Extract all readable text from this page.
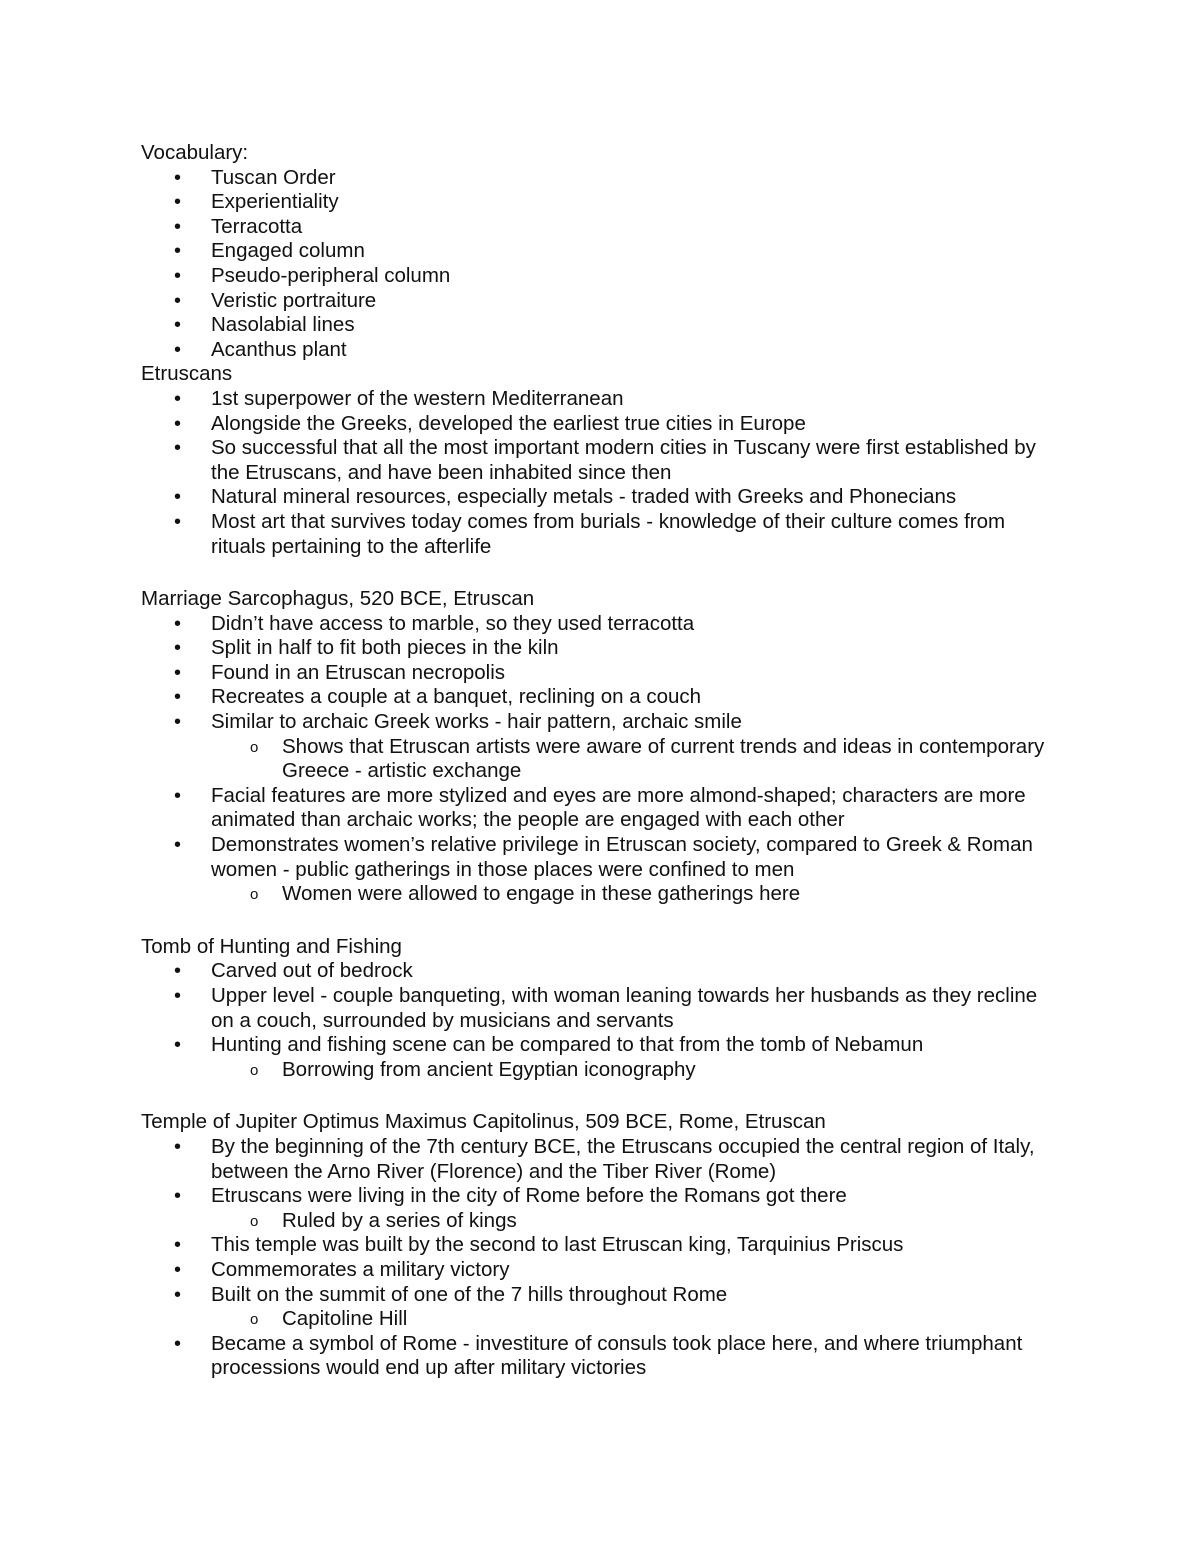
Vocabulary:
• Tuscan Order
• Experientiality
• Terracotta
• Engaged column
• Pseudo-peripheral column
• Veristic portraiture
• Nasolabial lines
• Acanthus plant
Etruscans
• 1st superpower of the western Mediterranean
• Alongside the Greeks, developed the earliest true cities in Europe
• So successful that all the most important modern cities in Tuscany were first established by the Etruscans, and have been inhabited since then
• Natural mineral resources, especially metals - traded with Greeks and Phonecians
• Most art that survives today comes from burials - knowledge of their culture comes from rituals pertaining to the afterlife
Marriage Sarcophagus, 520 BCE, Etruscan
• Didn’t have access to marble, so they used terracotta
• Split in half to fit both pieces in the kiln
• Found in an Etruscan necropolis
• Recreates a couple at a banquet, reclining on a couch
• Similar to archaic Greek works - hair pattern, archaic smile
o Shows that Etruscan artists were aware of current trends and ideas in contemporary Greece - artistic exchange
• Facial features are more stylized and eyes are more almond-shaped; characters are more animated than archaic works; the people are engaged with each other
• Demonstrates women’s relative privilege in Etruscan society, compared to Greek & Roman women - public gatherings in those places were confined to men
o Women were allowed to engage in these gatherings here
Tomb of Hunting and Fishing
• Carved out of bedrock
• Upper level - couple banqueting, with woman leaning towards her husbands as they recline on a couch, surrounded by musicians and servants
• Hunting and fishing scene can be compared to that from the tomb of Nebamun
o Borrowing from ancient Egyptian iconography
Temple of Jupiter Optimus Maximus Capitolinus, 509 BCE, Rome, Etruscan
• By the beginning of the 7th century BCE, the Etruscans occupied the central region of Italy, between the Arno River (Florence) and the Tiber River (Rome)
• Etruscans were living in the city of Rome before the Romans got there
o Ruled by a series of kings
• This temple was built by the second to last Etruscan king, Tarquinius Priscus
• Commemorates a military victory
• Built on the summit of one of the 7 hills throughout Rome
o Capitoline Hill
• Became a symbol of Rome - investiture of consuls took place here, and where triumphant processions would end up after military victories
